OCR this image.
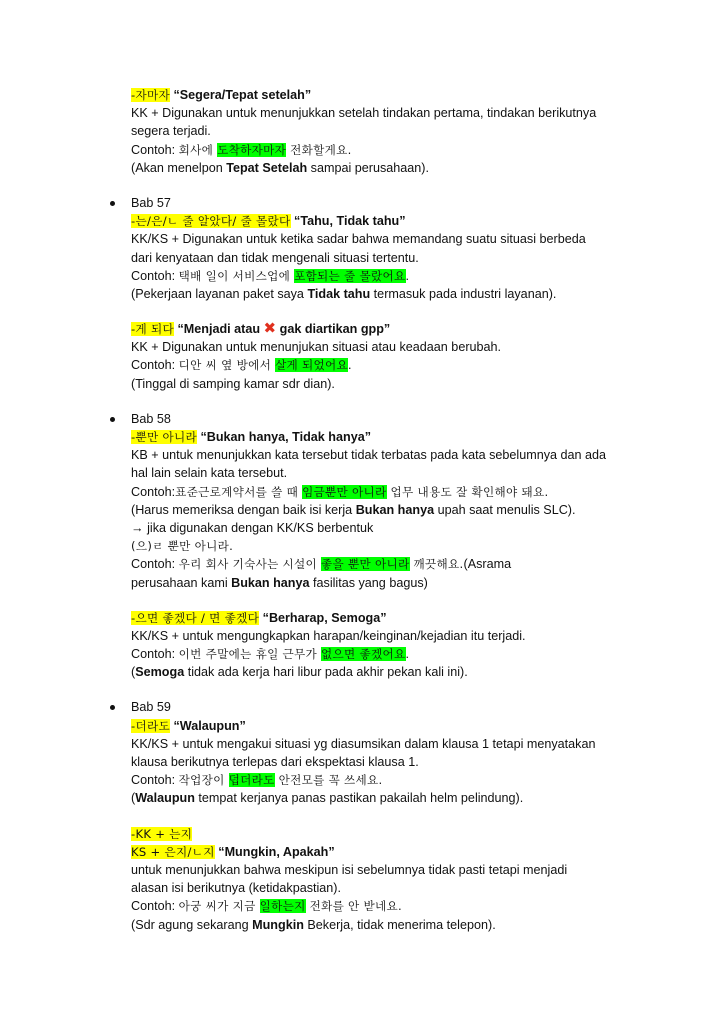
-자마자 “Segera/Tepat setelah”
KK + Digunakan untuk menunjukkan setelah tindakan pertama, tindakan berikutnya
segera terjadi.
Contoh: 회사에 도착하자마자 전화할게요.
(Akan menelpon Tepat Setelah sampai perusahaan).
Bab 57
-는/은/ㄴ 줄 알았다/ 줄 몰랐다 “Tahu, Tidak tahu”
KK/KS + Digunakan untuk ketika sadar bahwa memandang suatu situasi berbeda
dari kenyataan dan tidak mengenali situasi tertentu.
Contoh: 택배 일이 서비스업에 포함되는 줄 몰랐어요.
(Pekerjaan layanan paket saya Tidak tahu termasuk pada industri layanan).
-게 되다 “Menjadi atau ✖ gak diartikan gpp”
KK + Digunakan untuk menunjukan situasi atau keadaan berubah.
Contoh: 디안 씨 옆 방에서 살게 되었어요.
(Tinggal di samping kamar sdr dian).
Bab 58
-뿐만 아니라 “Bukan hanya, Tidak hanya”
KB + untuk menunjukkan kata tersebut tidak terbatas pada kata sebelumnya dan ada
hal lain selain kata tersebut.
Contoh:표준근로계약서를 쓸 때 임금뿐만 아니라 업무 내용도 잘 확인해야 돼요.
(Harus memeriksa dengan baik isi kerja Bukan hanya upah saat menulis SLC).
→ jika digunakan dengan KK/KS berbentuk
(으)ㄹ 뿐만 아니라.
Contoh: 우리 회사 기숙사는 시설이 좋을 뿐만 아니라 깨끗해요.(Asrama
perusahaan kami Bukan hanya fasilitas yang bagus)
-으면 좋겠다 / 면 좋겠다 “Berharap, Semoga”
KK/KS + untuk mengungkapkan harapan/keinginan/kejadian itu terjadi.
Contoh: 이번 주말에는 휴일 근무가 없으면 좋겠어요.
(Semoga tidak ada kerja hari libur pada akhir pekan kali ini).
Bab 59
-더라도 “Walaupun”
KK/KS + untuk mengakui situasi yg diasumsikan dalam klausa 1 tetapi menyatakan
klausa berikutnya terlepas dari ekspektasi klausa 1.
Contoh: 작업장이 덥더라도 안전모를 꼭 쓰세요.
(Walaupun tempat kerjanya panas pastikan pakailah helm pelindung).
-KK + 는지
KS + 은지/ㄴ지 “Mungkin, Apakah”
untuk menunjukkan bahwa meskipun isi sebelumnya tidak pasti tetapi menjadi
alasan isi berikutnya (ketidakpastian).
Contoh: 아궁 씨가 지금 일하는지 전화를 안 받네요.
(Sdr agung sekarang Mungkin Bekerja, tidak menerima telepon).
